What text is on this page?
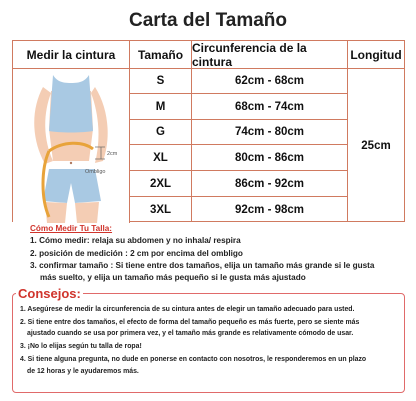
Carta del Tamaño
Medir la cintura	Tamaño Circunferencia de la cintura	Longitud
S	62cm - 68cm
M	68cm - 74cm
G	74cm - 80cm
XL	80cm - 86cm
2XL	86cm - 92cm
3XL	92cm - 98cm
25cm
2cm
Ombligo
Cómo Medir Tu Talla:
1. Cómo medir: relaja su abdomen y no inhala/ respira
2. posición de medición : 2 cm por encima del ombligo
3. confirmar tamaño : Si tiene entre dos tamaños, elija un tamaño más grande si le gusta
más suelto, y elija un tamaño más pequeño si le gusta más ajustado
Consejos:
1. Asegúrese de medir la circunferencia de su cintura antes de elegir un tamaño adecuado para usted.
2. Si tiene entre dos tamaños, el efecto de forma del tamaño pequeño es más fuerte, pero se siente más
ajustado cuando se usa por primera vez, y el tamaño más grande es relativamente cómodo de usar.
3. ¡No lo elijas según tu talla de ropa!
4. Si tiene alguna pregunta, no dude en ponerse en contacto con nosotros, le responderemos en un plazo
de 12 horas y le ayudaremos más.
